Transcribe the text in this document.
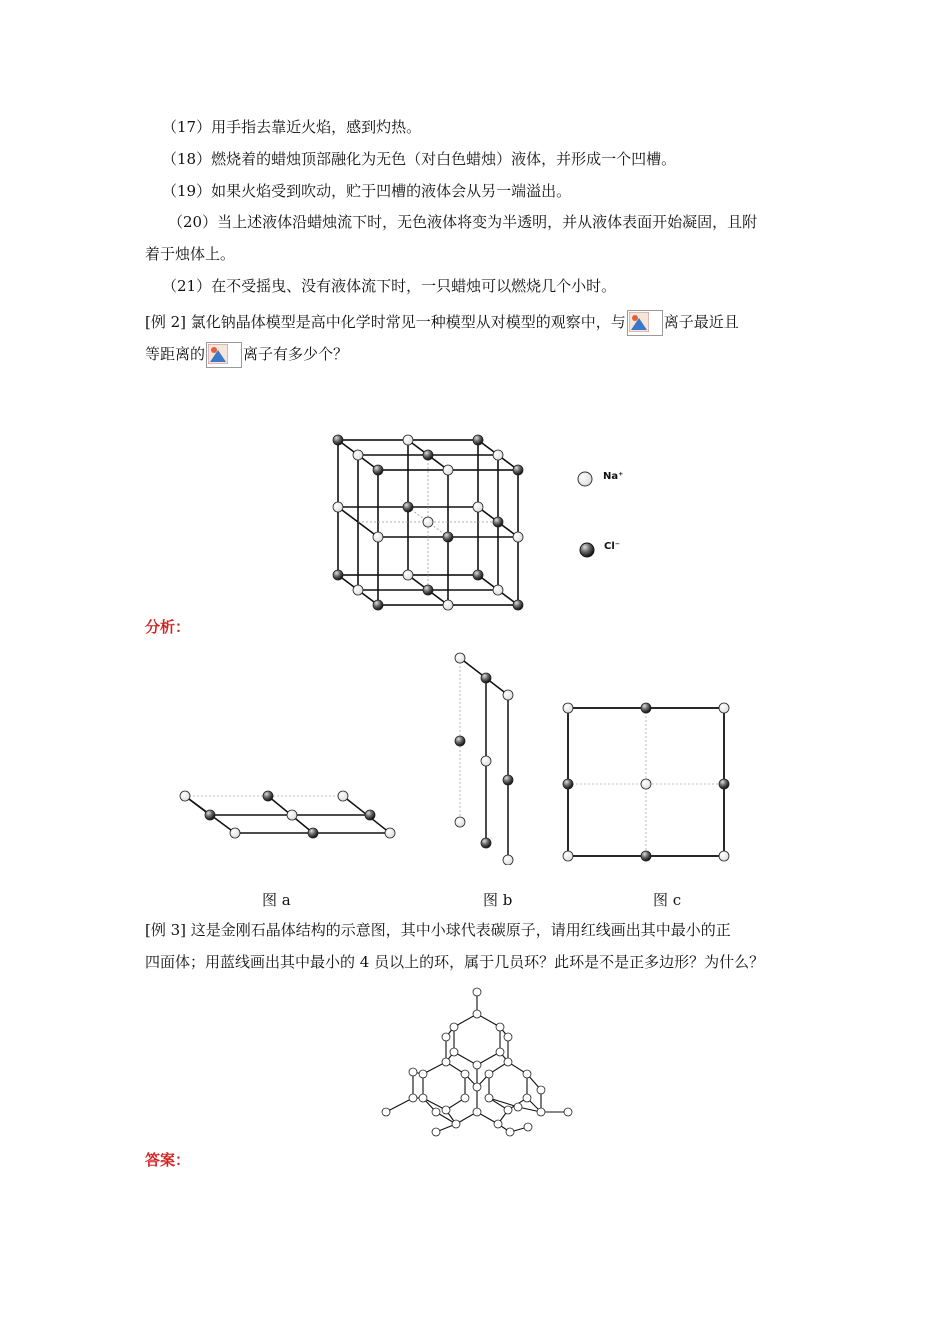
（17）用手指去靠近火焰，感到灼热。
（18）燃烧着的蜡烛顶部融化为无色（对白色蜡烛）液体，并形成一个凹槽。
（19）如果火焰受到吹动，贮于凹槽的液体会从另一端溢出。
（20）当上述液体沿蜡烛流下时，无色液体将变为半透明，并从液体表面开始凝固，且附
着于烛体上。
（21）在不受摇曳、没有液体流下时，一只蜡烛可以燃烧几个小时。
[例 2] 氯化钠晶体模型是高中化学时常见一种模型从对模型的观察中，与	离子最近且
等距离的	离子有多少个？
Na⁺
Cl⁻
分析：
图 a	图 b	图 c
[例 3] 这是金刚石晶体结构的示意图，其中小球代表碳原子，请用红线画出其中最小的正
四面体；用蓝线画出其中最小的 4 员以上的环，属于几员环？此环是不是正多边形？为什么？
答案：
